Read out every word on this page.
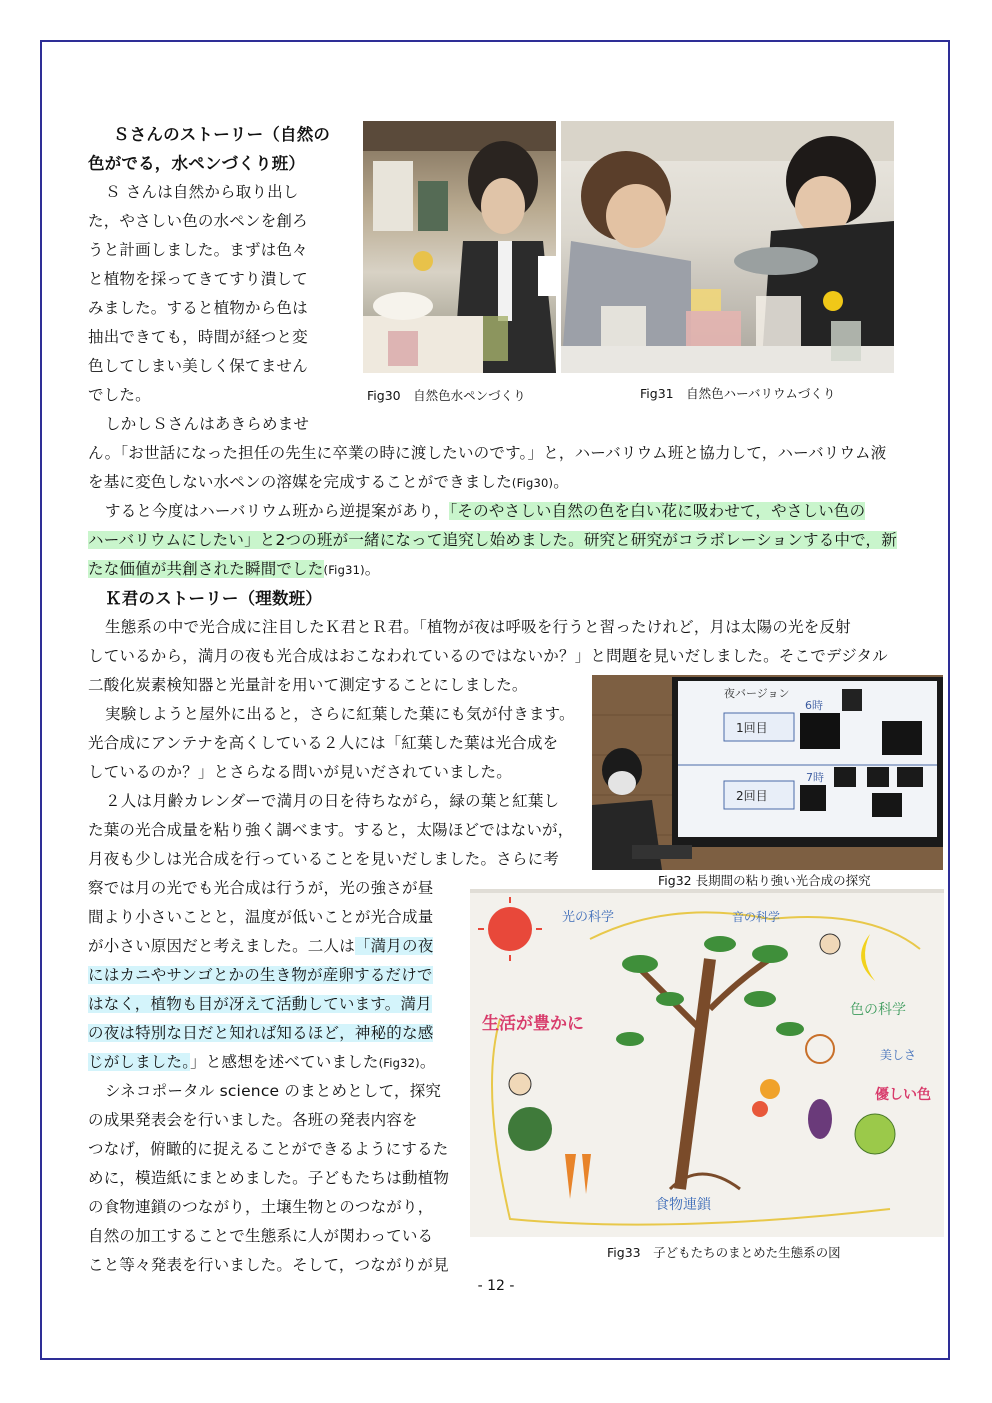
Ｓさんのストーリー（自然の
色がでる，水ペンづくり班）
Ｓ さんは自然から取り出し
た，やさしい色の水ペンを創ろ
うと計画しました。まずは色々
と植物を採ってきてすり潰して
みました。すると植物から色は
抽出できても，時間が経つと変
色してしまい美しく保てません
でした。
しかしＳさんはあきらめませ
Fig30　自然色水ペンづくり	Fig31　自然色ハーバリウムづくり
ん。「お世話になった担任の先生に卒業の時に渡したいのです。」と，ハーバリウム班と協力して，ハーバリウム液
を基に変色しない水ペンの溶媒を完成することができました(Fig30)。
すると今度はハーバリウム班から逆提案があり，「そのやさしい自然の色を白い花に吸わせて，やさしい色の
ハーバリウムにしたい」と2つの班が一緒になって追究し始めました。研究と研究がコラボレーションする中で，新
たな価値が共創された瞬間でした(Fig31)。
Ｋ君のストーリー（理数班）
生態系の中で光合成に注目したＫ君とＲ君。「植物が夜は呼吸を行うと習ったけれど，月は太陽の光を反射
しているから，満月の夜も光合成はおこなわれているのではないか？」と問題を見いだしました。そこでデジタル
二酸化炭素検知器と光量計を用いて測定することにしました。
実験しようと屋外に出ると，さらに紅葉した葉にも気が付きます。
光合成にアンテナを高くしている２人には「紅葉した葉は光合成を
しているのか？」とさらなる問いが見いだされていました。
２人は月齢カレンダーで満月の日を待ちながら，緑の葉と紅葉し
た葉の光合成量を粘り強く調べます。すると，太陽ほどではないが，
月夜も少しは光合成を行っていることを見いだしました。さらに考
察では月の光でも光合成は行うが，光の強さが昼
間より小さいことと，温度が低いことが光合成量
が小さい原因だと考えました。二人は「満月の夜
にはカニやサンゴとかの生き物が産卵するだけで
はなく，植物も目が冴えて活動しています。満月
の夜は特別な日だと知れば知るほど，神秘的な感
じがしました。」と感想を述べていました(Fig32)。
シネコポータル science のまとめとして，探究
の成果発表会を行いました。各班の発表内容を
つなげ，俯瞰的に捉えることができるようにするた
めに，模造紙にまとめました。子どもたちは動植物
の食物連鎖のつながり，土壌生物とのつながり，
自然の加工することで生態系に人が関わっている
こと等々発表を行いました。そして，つながりが見
夜バージョン
1回目
6時
7時
2回目
Fig32 長期間の粘り強い光合成の探究
光の科学	音の科学
生活が豊かに
色の科学
美しさ
優しい色
食物連鎖
Fig33　子どもたちのまとめた生態系の図
- 12 -
